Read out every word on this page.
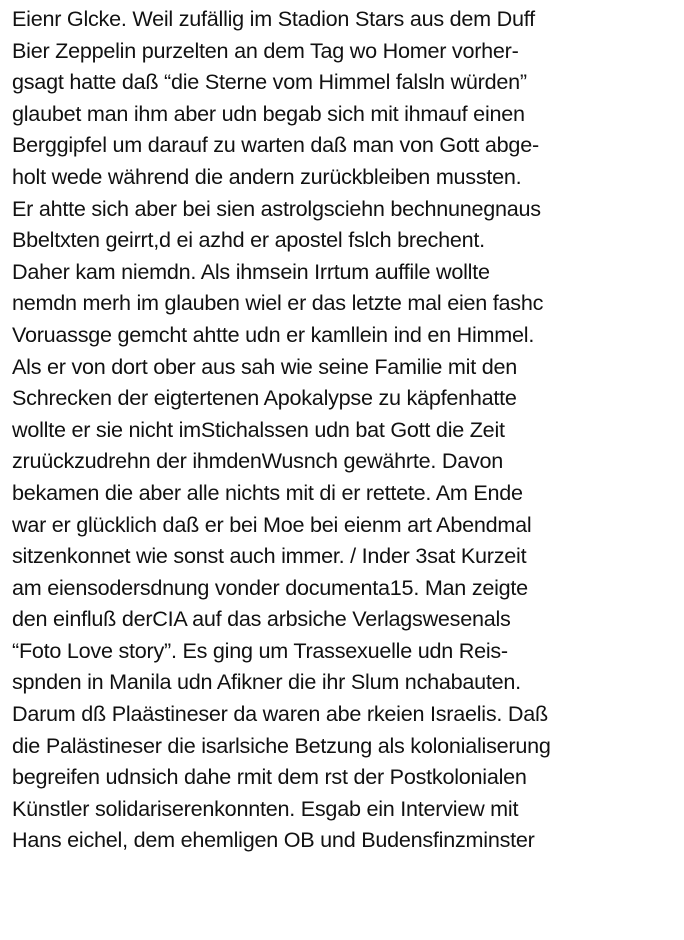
Eienr Glcke. Weil zufällig im Stadion Stars aus dem Duff
Bier Zeppelin purzelten an dem Tag wo Homer vorher-
gsagt hatte daß “die Sterne vom Himmel falsln würden”
glaubet man ihm aber udn begab sich mit ihmauf einen
Berggipfel um darauf zu warten daß man von Gott abge-
holt wede während die andern zurückbleiben mussten.
Er ahtte sich aber bei sien astrolgsciehn bechnunegnaus
Bbeltxten geirrt,d ei azhd er apostel fslch brechent.
Daher kam niemdn. Als ihmsein Irrtum auffile wollte
nemdn merh im glauben wiel er das letzte mal eien fashc
Voruassge gemcht ahtte udn er kamllein ind en Himmel.
Als er von dort ober aus sah wie seine Familie mit den
Schrecken der eigtertenen Apokalypse zu käpfenhatte
wollte er sie nicht imStichalssen udn bat Gott die Zeit
zruückzudrehn der ihmdenWusnch gewährte. Davon
bekamen die aber alle nichts mit di er rettete. Am Ende
war er glücklich daß er bei Moe bei eienm art Abendmal
sitzenkonnet wie sonst auch immer. / Inder 3sat Kurzeit
am eiensodersdnung vonder documenta15. Man zeigte
den einfluß derCIA auf das arbsiche Verlagswesenals
“Foto Love story”. Es ging um Trassexuelle udn Reis-
spnden in Manila udn Afikner die ihr Slum nchabauten.
Darum dß Plaästineser da waren abe rkeien Israelis. Daß
die Palästineser die isarlsiche Betzung als kolonialiserung
begreifen udnsich dahe rmit dem rst der Postkolonialen
Künstler solidariserenkonnten. Esgab ein Interview mit
Hans eichel, dem ehemligen OB und Budensfinzminster
